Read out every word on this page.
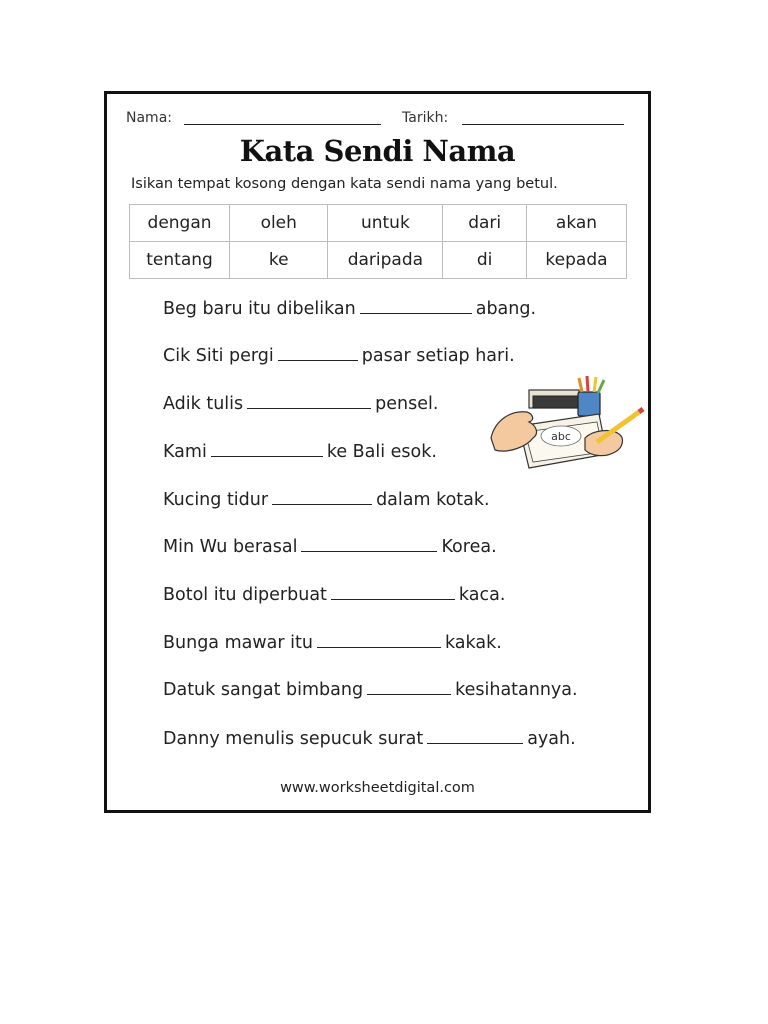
Nama:	Tarikh:
Kata Sendi Nama
Isikan tempat kosong dengan kata sendi nama yang betul.
dengan	oleh	untuk	dari	akan
tentang	ke	daripada	di	kepada
Beg baru itu dibelikan	abang.
Cik Siti pergi	pasar setiap hari.
Adik tulis	pensel.
Kami	ke Bali esok.
Kucing tidur	dalam kotak.
Min Wu berasal	Korea.
Botol itu diperbuat	kaca.
Bunga mawar itu	kakak.
Datuk sangat bimbang	kesihatannya.
Danny menulis sepucuk surat	ayah.
abc
www.worksheetdigital.com
